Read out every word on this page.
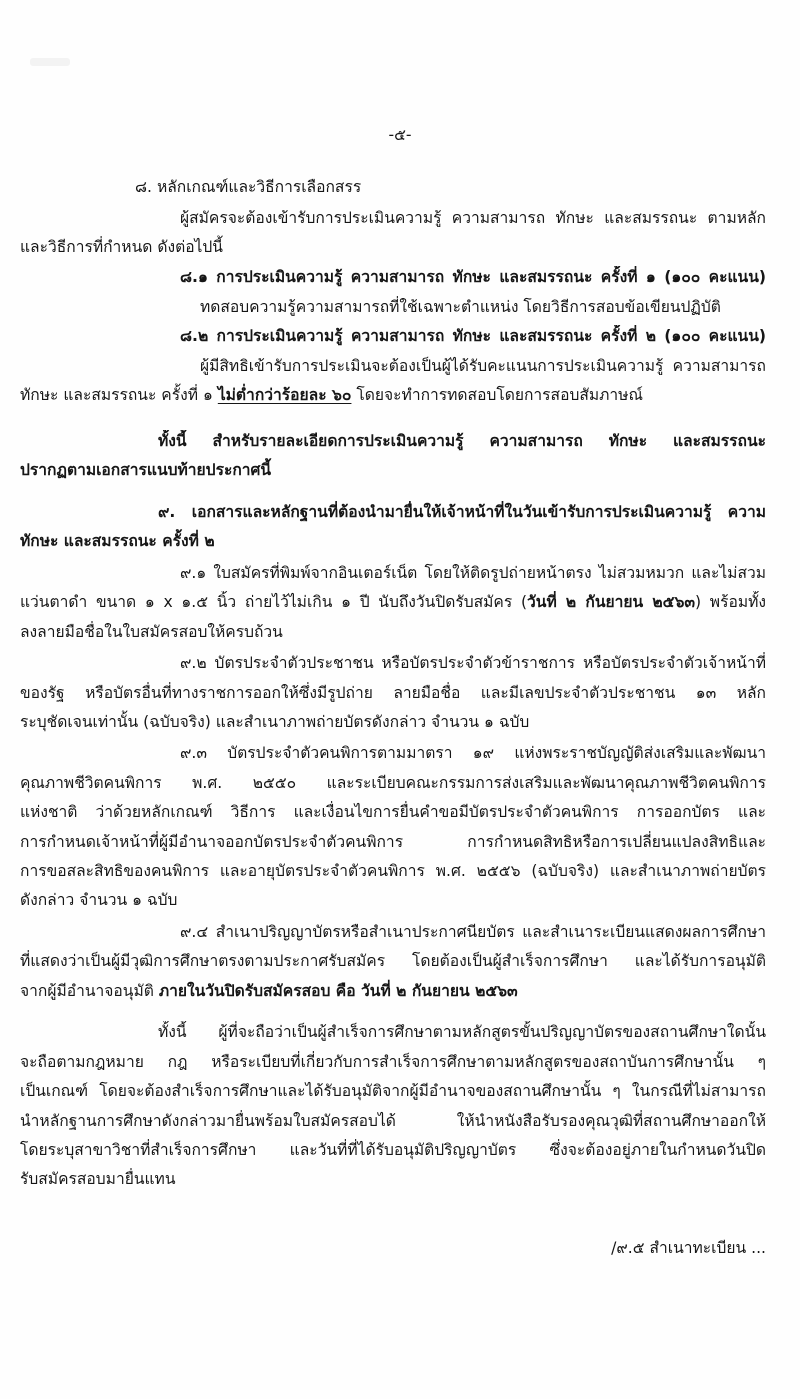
-๕-
๘. หลักเกณฑ์และวิธีการเลือกสรร
ผู้สมัครจะต้องเข้ารับการประเมินความรู้ ความสามารถ ทักษะ และสมรรถนะ ตามหลัก
และวิธีการที่กำหนด ดังต่อไปนี้
๘.๑ การประเมินความรู้ ความสามารถ ทักษะ และสมรรถนะ ครั้งที่ ๑ (๑๐๐ คะแนน)
ทดสอบความรู้ความสามารถที่ใช้เฉพาะตำแหน่ง โดยวิธีการสอบข้อเขียนปฏิบัติ
๘.๒ การประเมินความรู้ ความสามารถ ทักษะ และสมรรถนะ ครั้งที่ ๒ (๑๐๐ คะแนน)
ผู้มีสิทธิเข้ารับการประเมินจะต้องเป็นผู้ได้รับคะแนนการประเมินความรู้ ความสามารถ
ทักษะ และสมรรถนะ ครั้งที่ ๑ ไม่ต่ำกว่าร้อยละ ๖๐ โดยจะทำการทดสอบโดยการสอบสัมภาษณ์
ทั้งนี้ สำหรับรายละเอียดการประเมินความรู้ ความสามารถ ทักษะ และสมรรถนะ
ปรากฏตามเอกสารแนบท้ายประกาศนี้
๙. เอกสารและหลักฐานที่ต้องนำมายื่นให้เจ้าหน้าที่ในวันเข้ารับการประเมินความรู้ ความ
ทักษะ และสมรรถนะ ครั้งที่ ๒
๙.๑ ใบสมัครที่พิมพ์จากอินเตอร์เน็ต โดยให้ติดรูปถ่ายหน้าตรง ไม่สวมหมวก และไม่สวม
แว่นตาดำ ขนาด ๑ x ๑.๕ นิ้ว ถ่ายไว้ไม่เกิน ๑ ปี นับถึงวันปิดรับสมัคร (วันที่ ๒ กันยายน ๒๕๖๓) พร้อมทั้ง
ลงลายมือชื่อในใบสมัครสอบให้ครบถ้วน
๙.๒ บัตรประจำตัวประชาชน หรือบัตรประจำตัวข้าราชการ หรือบัตรประจำตัวเจ้าหน้าที่
ของรัฐ หรือบัตรอื่นที่ทางราชการออกให้ซึ่งมีรูปถ่าย ลายมือชื่อ และมีเลขประจำตัวประชาชน ๑๓ หลัก
ระบุชัดเจนเท่านั้น (ฉบับจริง) และสำเนาภาพถ่ายบัตรดังกล่าว จำนวน ๑ ฉบับ
๙.๓ บัตรประจำตัวคนพิการตามมาตรา ๑๙ แห่งพระราชบัญญัติส่งเสริมและพัฒนา
คุณภาพชีวิตคนพิการ พ.ศ. ๒๕๕๐ และระเบียบคณะกรรมการส่งเสริมและพัฒนาคุณภาพชีวิตคนพิการ
แห่งชาติ ว่าด้วยหลักเกณฑ์ วิธีการ และเงื่อนไขการยื่นคำขอมีบัตรประจำตัวคนพิการ การออกบัตร และ
การกำหนดเจ้าหน้าที่ผู้มีอำนาจออกบัตรประจำตัวคนพิการ การกำหนดสิทธิหรือการเปลี่ยนแปลงสิทธิและ
การขอสละสิทธิของคนพิการ และอายุบัตรประจำตัวคนพิการ พ.ศ. ๒๕๕๖ (ฉบับจริง) และสำเนาภาพถ่ายบัตร
ดังกล่าว จำนวน ๑ ฉบับ
๙.๔ สำเนาปริญญาบัตรหรือสำเนาประกาศนียบัตร และสำเนาระเบียนแสดงผลการศึกษา
ที่แสดงว่าเป็นผู้มีวุฒิการศึกษาตรงตามประกาศรับสมัคร โดยต้องเป็นผู้สำเร็จการศึกษา และได้รับการอนุมัติ
จากผู้มีอำนาจอนุมัติ ภายในวันปิดรับสมัครสอบ คือ วันที่ ๒ กันยายน ๒๕๖๓
ทั้งนี้ ผู้ที่จะถือว่าเป็นผู้สำเร็จการศึกษาตามหลักสูตรขั้นปริญญาบัตรของสถานศึกษาใดนั้น
จะถือตามกฎหมาย กฎ หรือระเบียบที่เกี่ยวกับการสำเร็จการศึกษาตามหลักสูตรของสถาบันการศึกษานั้น ๆ
เป็นเกณฑ์ โดยจะต้องสำเร็จการศึกษาและได้รับอนุมัติจากผู้มีอำนาจของสถานศึกษานั้น ๆ ในกรณีที่ไม่สามารถ
นำหลักฐานการศึกษาดังกล่าวมายื่นพร้อมใบสมัครสอบได้ ให้นำหนังสือรับรองคุณวุฒิที่สถานศึกษาออกให้
โดยระบุสาขาวิชาที่สำเร็จการศึกษา และวันที่ที่ได้รับอนุมัติปริญญาบัตร ซึ่งจะต้องอยู่ภายในกำหนดวันปิด
รับสมัครสอบมายื่นแทน
/๙.๕ สำเนาทะเบียน ...
